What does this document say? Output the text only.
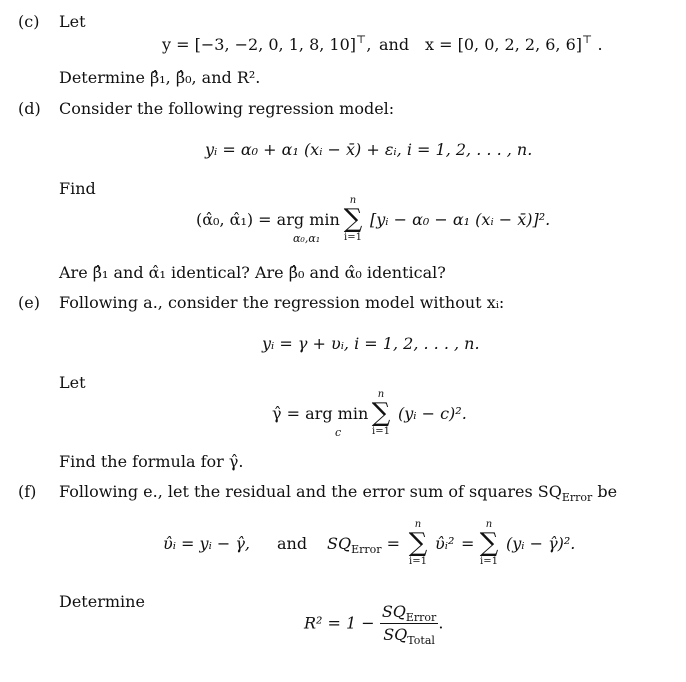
(c) Let
y = [−3, −2, 0, 1, 8, 10]⊤, and x = [0, 0, 2, 2, 6, 6]⊤ .
Determine β̂₁, β̂₀, and R².
(d) Consider the following regression model:
yᵢ = α₀ + α₁ (xᵢ − x̄) + εᵢ, i = 1, 2, . . . , n.
Find
(α̂₀, α̂₁) = arg min
α₀,α₁
n
∑
i=1
[yᵢ − α₀ − α₁ (xᵢ − x̄)]².
Are β̂₁ and α̂₁ identical? Are β̂₀ and α̂₀ identical?
(e) Following a., consider the regression model without xᵢ:
yᵢ = γ + υᵢ, i = 1, 2, . . . , n.
Let
γ̂ = arg min
c
n
∑
i=1
(yᵢ − c)².
Find the formula for γ̂.
(f) Following e., let the residual and the error sum of squares $SQ_{Error}$ be
υ̂ᵢ = yᵢ − γ̂, and $SQ_{Error}$ =
n
∑
i=1
υ̂ᵢ² =
n
∑
i=1
(yᵢ − γ̂)².
Determine
$R^2 = 1 - \frac{SQ_{Error}}{SQ_{Total}}$ .
